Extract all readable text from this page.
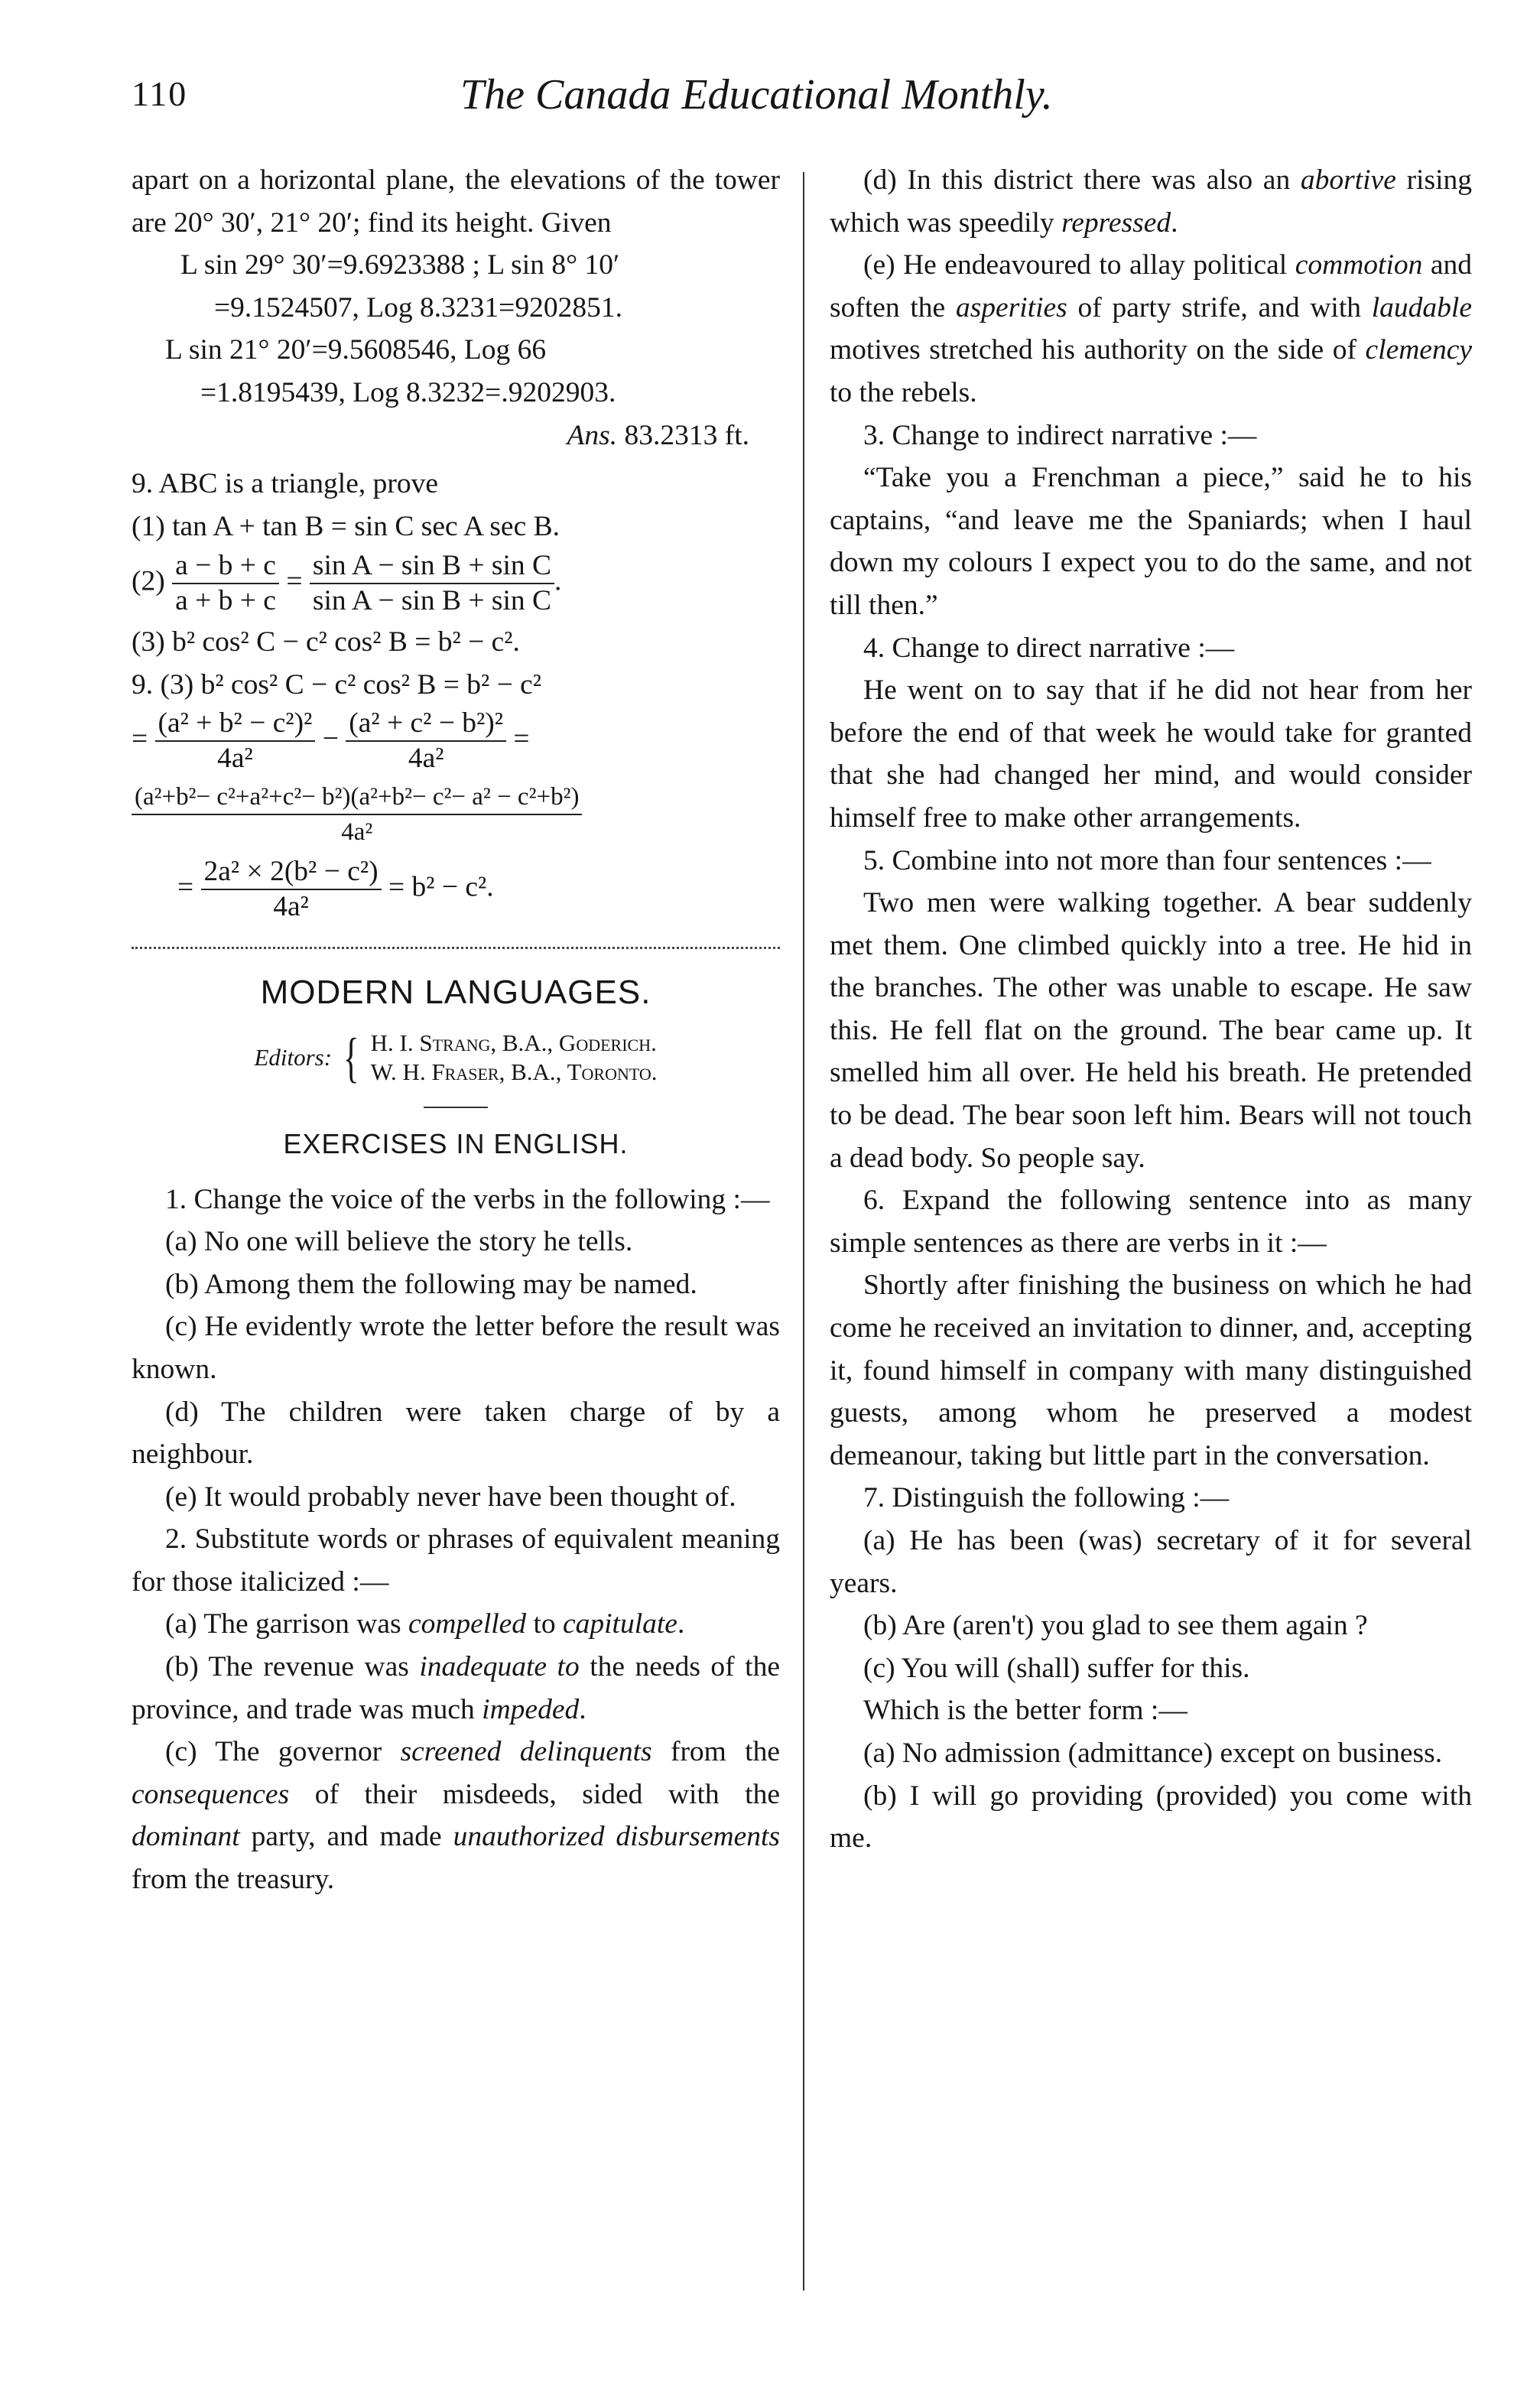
110	The Canada Educational Monthly.

apart on a horizontal plane, the elevations of the tower are 20° 30′, 21° 20′; find its height. Given

L sin 29° 30′=9.6923388 ; L sin 8° 10′

=9.1524507, Log 8.3231=9202851.

L sin 21° 20′=9.5608546, Log 66

=1.8195439, Log 8.3232=.9202903.

Ans. 83.2313 ft.

9. ABC is a triangle, prove

(1) tan A + tan B = sin C sec A sec B.

$(2) \frac{a - b + c}{a + b + c} = \frac{\text{sin A − sin B + sin C}}{\text{sin A − sin B + sin C}}$ .

(3) b² cos² C − c² cos² B = b² − c².

9. (3) b² cos² C − c² cos² B = b² − c²

= $\frac{\text{(a² + b² − c²)²}}{\text{4a²}} - \frac{\text{(a² + c² − b²)²}}{\text{4a²}}$ =
$\frac{\text{(a²+b²− c²+a²+c²− b²)(a²+b²− c²− a² − c²+b²)}}{\text{4a²}}$
= $\frac{\text{2a² × 2(b² − c²)}}{\text{4a²}} = b^2 - c^2$.
MODERN LANGUAGES.
Editors: { H. I. Strang, B.A., Goderich.
W. H. Fraser, B.A., Toronto.
EXERCISES IN ENGLISH.

1. Change the voice of the verbs in the following :—

(a) No one will believe the story he tells.

(b) Among them the following may be named.

(c) He evidently wrote the letter before the result was known.

(d) The children were taken charge of by a neighbour.

(e) It would probably never have been thought of.

2. Substitute words or phrases of equivalent meaning for those italicized :—

(a) The garrison was compelled to capitulate.

(b) The revenue was inadequate to the needs of the province, and trade was much impeded.

(c) The governor screened delinquents from the consequences of their misdeeds, sided with the dominant party, and made unauthorized disbursements from the treasury.

(d) In this district there was also an abortive rising which was speedily repressed.

(e) He endeavoured to allay political commotion and soften the asperities of party strife, and with laudable motives stretched his authority on the side of clemency to the rebels.

3. Change to indirect narrative :—

“Take you a Frenchman a piece,” said he to his captains, “and leave me the Spaniards; when I haul down my colours I expect you to do the same, and not till then.”

4. Change to direct narrative :—

He went on to say that if he did not hear from her before the end of that week he would take for granted that she had changed her mind, and would consider himself free to make other arrangements.

5. Combine into not more than four sentences :—

Two men were walking together. A bear suddenly met them. One climbed quickly into a tree. He hid in the branches. The other was unable to escape. He saw this. He fell flat on the ground. The bear came up. It smelled him all over. He held his breath. He pretended to be dead. The bear soon left him. Bears will not touch a dead body. So people say.

6. Expand the following sentence into as many simple sentences as there are verbs in it :—

Shortly after finishing the business on which he had come he received an invitation to dinner, and, accepting it, found himself in company with many distinguished guests, among whom he preserved a modest demeanour, taking but little part in the conversation.

7. Distinguish the following :—

(a) He has been (was) secretary of it for several years.

(b) Are (aren't) you glad to see them again ?

(c) You will (shall) suffer for this.

Which is the better form :—

(a) No admission (admittance) except on business.

(b) I will go providing (provided) you come with me.
